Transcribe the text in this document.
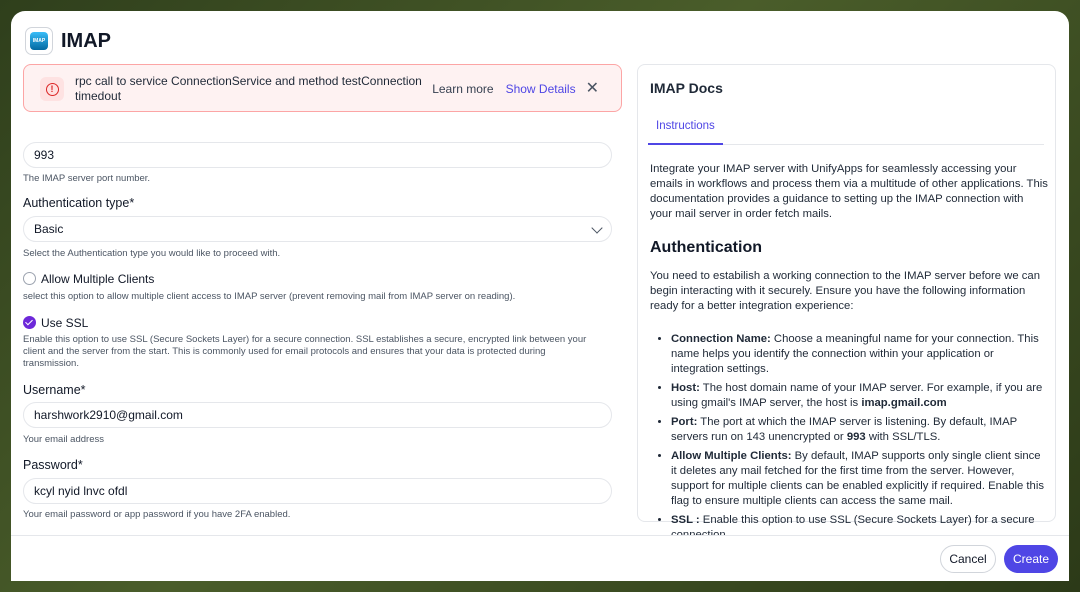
IMAP IMAP
!
rpc call to service ConnectionService and method testConnection timedout	Learn more Show Details ✕
993
The IMAP server port number.
Authentication type*
Basic
Select the Authentication type you would like to proceed with.
Allow Multiple Clients
select this option to allow multiple client access to IMAP server (prevent removing mail from IMAP server on reading).
Use SSL
Enable this option to use SSL (Secure Sockets Layer) for a secure connection. SSL establishes a secure, encrypted link between your client and the server from the start. This is commonly used for email protocols and ensures that your data is protected during transmission.
Username*
harshwork2910@gmail.com
Your email address
Password*
kcyl nyid lnvc ofdl
Your email password or app password if you have 2FA enabled.
IMAP Docs
Instructions

Integrate your IMAP server with UnifyApps for seamlessly accessing your emails in workflows and process them via a multitude of other applications. This documentation provides a guidance to setting up the IMAP connection with your mail server in order fetch mails.

Authentication

You need to estabilish a working connection to the IMAP server before we can begin interacting with it securely. Ensure you have the following information ready for a better integration experience:

• Connection Name: Choose a meaningful name for your connection. This name helps you identify the connection within your application or integration settings.
• Host: The host domain name of your IMAP server. For example, if you are using gmail's IMAP server, the host is imap.gmail.com
• Port: The port at which the IMAP server is listening. By default, IMAP servers run on 143 unencrypted or 993 with SSL/TLS.
• Allow Multiple Clients: By default, IMAP supports only single client since it deletes any mail fetched for the first time from the server. However, support for multiple clients can be enabled explicitly if required. Enable this flag to ensure multiple clients can access the same mail.
• SSL : Enable this option to use SSL (Secure Sockets Layer) for a secure
Cancel	Create
